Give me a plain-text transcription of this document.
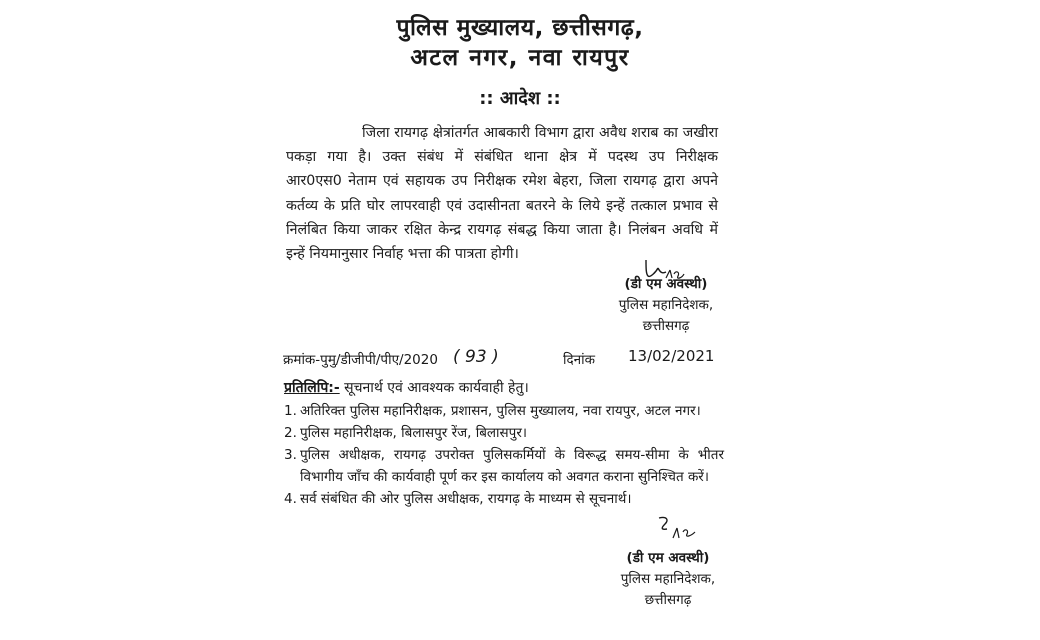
पुलिस मुख्यालय, छत्तीसगढ़,
अटल नगर, नवा रायपुर
:: आदेश ::
जिला रायगढ़ क्षेत्रांतर्गत आबकारी विभाग द्वारा अवैध शराब का जखीरा
पकड़ा गया है। उक्त संबंध में संबंधित थाना क्षेत्र में पदस्थ उप निरीक्षक
आर0एस0 नेताम एवं सहायक उप निरीक्षक रमेश बेहरा, जिला रायगढ़ द्वारा अपने
कर्तव्य के प्रति घोर लापरवाही एवं उदासीनता बतरने के लिये इन्हें तत्काल प्रभाव से
निलंबित किया जाकर रक्षित केन्द्र रायगढ़ संबद्ध किया जाता है। निलंबन अवधि में
इन्हें नियमानुसार निर्वाह भत्ता की पात्रता होगी।
(डी एम अवस्थी)
पुलिस महानिदेशक,
छत्तीसगढ़
क्रमांक-पुमु/डीजीपी/पीए/2020 ( 93 )	दिनांक 13/02/2021
प्रतिलिपि:- सूचनार्थ एवं आवश्यक कार्यवाही हेतु।
1. अतिरिक्त पुलिस महानिरीक्षक, प्रशासन, पुलिस मुख्यालय, नवा रायपुर, अटल नगर।
2. पुलिस महानिरीक्षक, बिलासपुर रेंज, बिलासपुर।
3. पुलिस अधीक्षक, रायगढ़ उपरोक्त पुलिसकर्मियों के विरूद्ध समय-सीमा के भीतर विभागीय जाँच की कार्यवाही पूर्ण कर इस कार्यालय को अवगत कराना सुनिश्चित करें।
4. सर्व संबंधित की ओर पुलिस अधीक्षक, रायगढ़ के माध्यम से सूचनार्थ।
(डी एम अवस्थी)
पुलिस महानिदेशक,
छत्तीसगढ़
